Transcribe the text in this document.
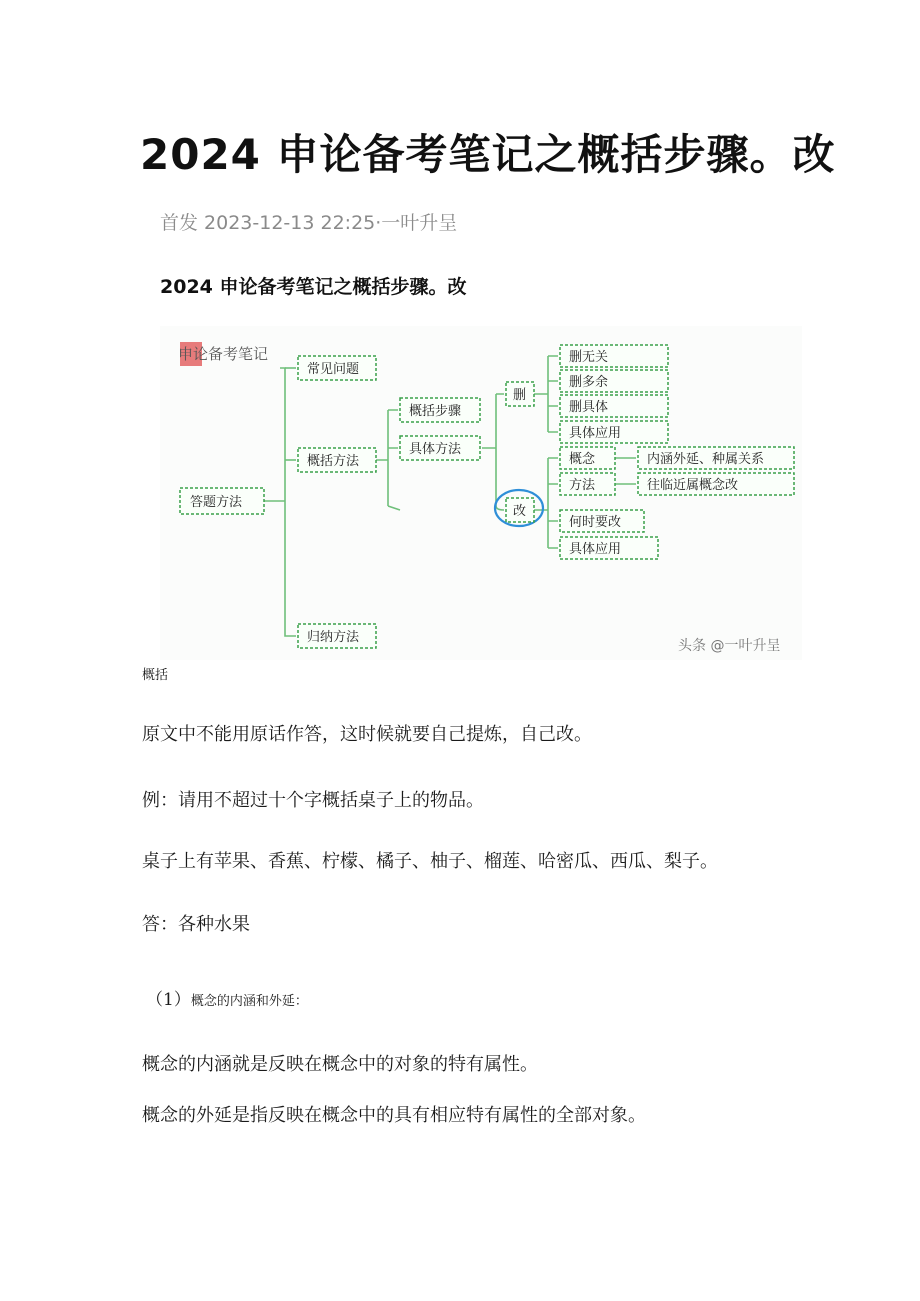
2024 申论备考笔记之概括步骤。改
首发 2023-12-13 22:25·一叶升呈
2024 申论备考笔记之概括步骤。改
申论备考笔记
答题方法
常见问题
概括方法
归纳方法
概括步骤
具体方法
删
改
删无关
删多余
删具体
具体应用
概念
方法
何时要改
具体应用
内涵外延、种属关系
往临近属概念改
头条 @一叶升呈
概括
原文中不能用原话作答，这时候就要自己提炼，自己改。
例：请用不超过十个字概括桌子上的物品。
桌子上有苹果、香蕉、柠檬、橘子、柚子、榴莲、哈密瓜、西瓜、梨子。
答：各种水果
（1）概念的内涵和外延：
概念的内涵就是反映在概念中的对象的特有属性。
概念的外延是指反映在概念中的具有相应特有属性的全部对象。
